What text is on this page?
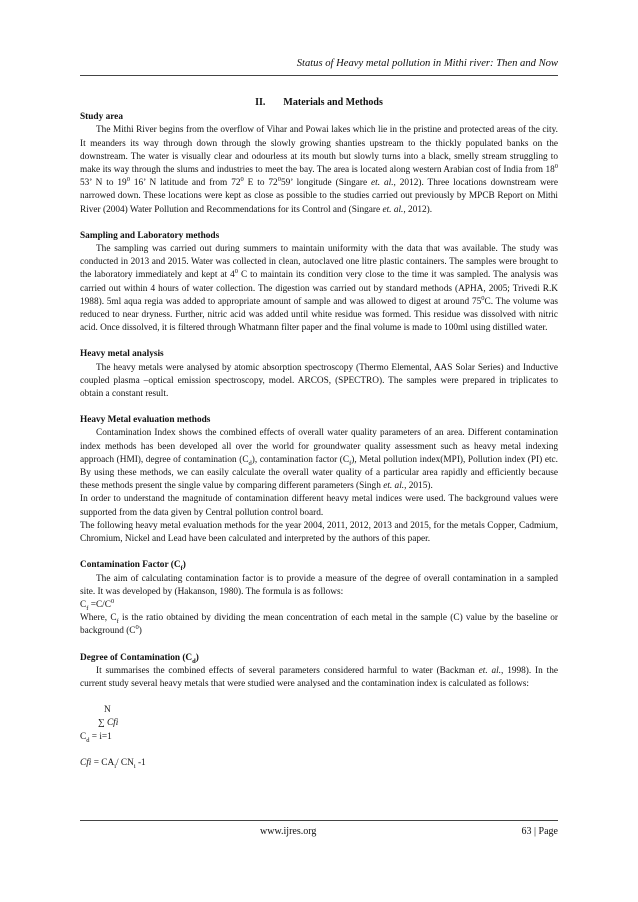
Status of Heavy metal pollution in Mithi river: Then and Now
II. Materials and Methods
Study area

The Mithi River begins from the overflow of Vihar and Powai lakes which lie in the pristine and protected areas of the city. It meanders its way through down through the slowly growing shanties upstream to the thickly populated banks on the downstream. The water is visually clear and odourless at its mouth but slowly turns into a black, smelly stream struggling to make its way through the slums and industries to meet the bay. The area is located along western Arabian cost of India from $18^0$ 53’ N to $19^0$ 16’ N latitude and from $72^0$ E to $72^059$’ longitude (Singare et. al., 2012). Three locations downstream were narrowed down. These locations were kept as close as possible to the studies carried out previously by MPCB Report on Mithi River (2004) Water Pollution and Recommendations for its Control and (Singare et. al., 2012).

Sampling and Laboratory methods

The sampling was carried out during summers to maintain uniformity with the data that was available. The study was conducted in 2013 and 2015. Water was collected in clean, autoclaved one litre plastic containers. The samples were brought to the laboratory immediately and kept at $4^0$ C to maintain its condition very close to the time it was sampled. The analysis was carried out within 4 hours of water collection. The digestion was carried out by standard methods (APHA, 2005; Trivedi R.K 1988). 5ml aqua regia was added to appropriate amount of sample and was allowed to digest at around $75^0C$. The volume was reduced to near dryness. Further, nitric acid was added until white residue was formed. This residue was dissolved with nitric acid. Once dissolved, it is filtered through Whatmann filter paper and the final volume is made to 100ml using distilled water.

Heavy metal analysis

The heavy metals were analysed by atomic absorption spectroscopy (Thermo Elemental, AAS Solar Series) and Inductive coupled plasma –optical emission spectroscopy, model. ARCOS, (SPECTRO). The samples were prepared in triplicates to obtain a constant result.

Heavy Metal evaluation methods

Contamination Index shows the combined effects of overall water quality parameters of an area. Different contamination index methods has been developed all over the world for groundwater quality assessment such as heavy metal indexing approach (HMI), degree of contamination $(C_d)$, contamination factor $(C_f)$, Metal pollution index(MPI), Pollution index (PI) etc. By using these methods, we can easily calculate the overall water quality of a particular area rapidly and efficiently because these methods present the single value by comparing different parameters (Singh et. al., 2015).

In order to understand the magnitude of contamination different heavy metal indices were used. The background values were supported from the data given by Central pollution control board.

The following heavy metal evaluation methods for the year 2004, 2011, 2012, 2013 and 2015, for the metals Copper, Cadmium, Chromium, Nickel and Lead have been calculated and interpreted by the authors of this paper.

Contamination Factor $(C_f)$

The aim of calculating contamination factor is to provide a measure of the degree of overall contamination in a sampled site. It was developed by (Hakanson, 1980). The formula is as follows:

$C_f =C/C^0$

Where, $C_f$ is the ratio obtained by dividing the mean concentration of each metal in the sample (C) value by the baseline or background $(C^0)$

Degree of Contamination $(C_d)$

It summarises the combined effects of several parameters considered harmful to water (Backman et. al., 1998). In the current study several heavy metals that were studied were analysed and the contamination index is calculated as follows:

N
∑ Cfi
$C_d = i=1$
Cfi = $CA_i/$ $CN_i$ -1
www.ijres.org	63 | Page
